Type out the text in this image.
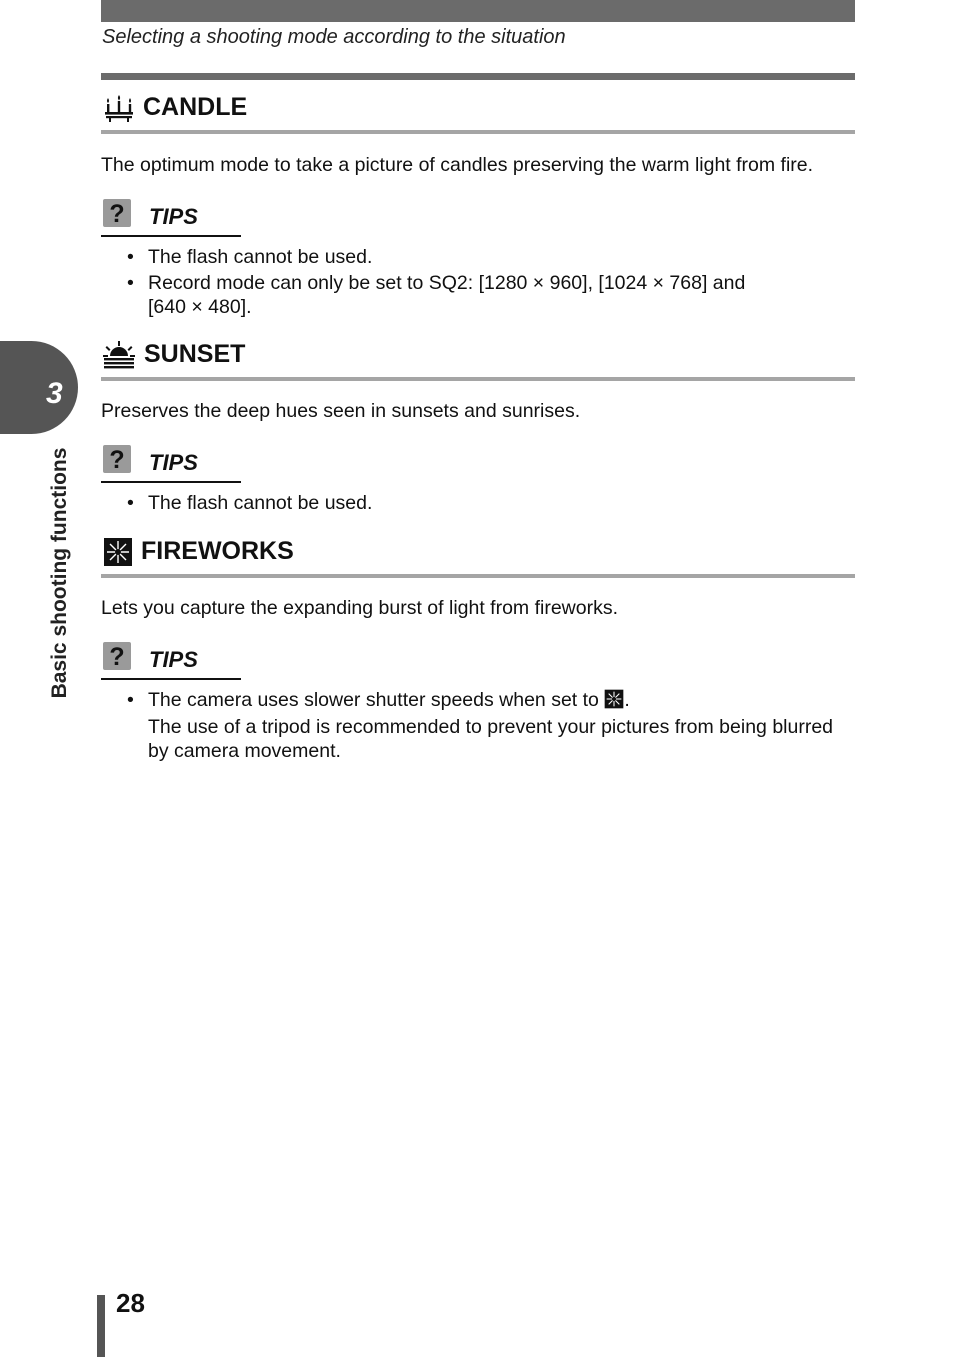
Selecting a shooting mode according to the situation
3
Basic shooting functions
CANDLE
The optimum mode to take a picture of candles preserving the warm light from fire.
? TIPS
• The flash cannot be used.
• Record mode can only be set to SQ2: [1280 × 960], [1024 × 768] and
[640 × 480].
SUNSET
Preserves the deep hues seen in sunsets and sunrises.
? TIPS
• The flash cannot be used.
FIREWORKS
Lets you capture the expanding burst of light from fireworks.
? TIPS
• The camera uses slower shutter speeds when set to .
The use of a tripod is recommended to prevent your pictures from being blurred
by camera movement.
28
